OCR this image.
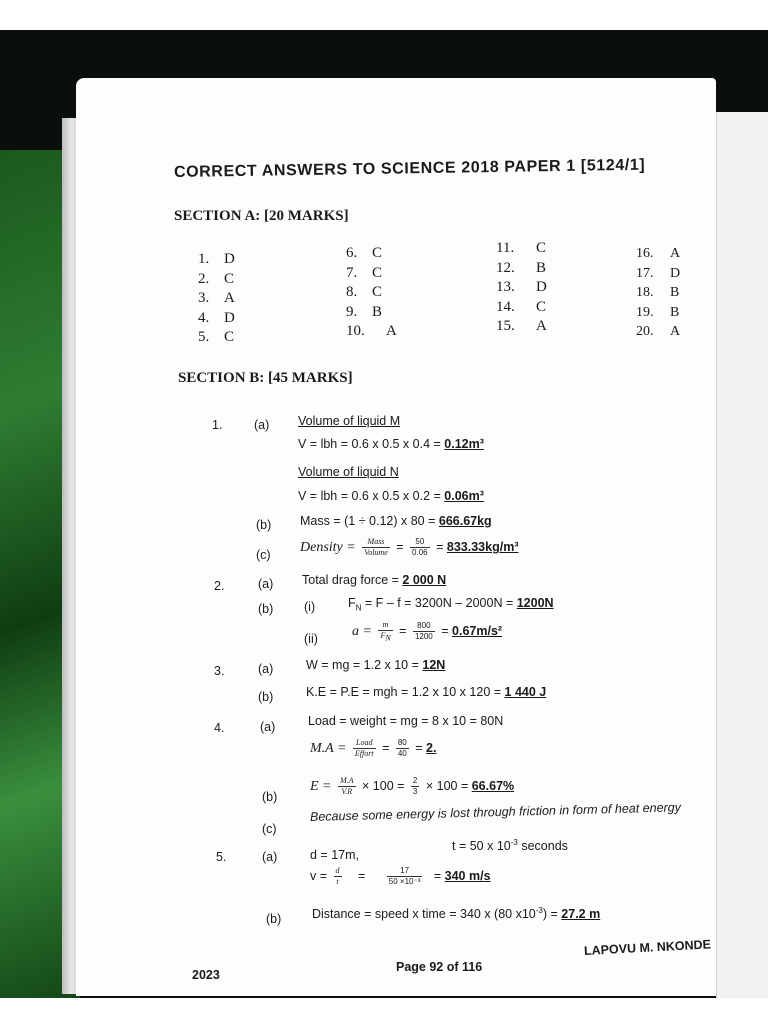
CORRECT ANSWERS TO SCIENCE 2018 PAPER 1 [5124/1]
SECTION A: [20 MARKS]
1. D
2. C
3. A
4. D
5. C
6. C
7. C
8. C
9. B
10. A
11. C
12. B
13. D
14. C
15. A
16. A
17. D
18. B
19. B
20. A
SECTION B: [45 MARKS]
1.	(a) Volume of liquid M
V = lbh = 0.6 x 0.5 x 0.4 = 0.12m³
Volume of liquid N
V = lbh = 0.6 x 0.5 x 0.2 = 0.06m³
(b) Mass = (1 ÷ 0.12) x 80 = 666.67kg
(c)
Density = $\frac{\text{Mass}}{\text{Volume}} = \frac{50}{0.06} = 833.33kg/m^3$
2.	(a) Total drag force = 2 000 N
(b) (i)	$F_N = F - f = 3200N - 2000N = 1200N$
(ii) $a = \frac{m}{FN} = \frac{800}{1200} = 0.67m/s^2$
3.	(a)	W = mg = 1.2 x 10 = 12N
(b)	K.E = P.E = mgh = 1.2 x 10 x 120 = 1 440 J
4.	(a)	Load = weight = mg = 8 x 10 = 80N
$M.A = \frac{\text{Load}}{\text{Effort}} = \frac{80}{40} = 2$.
(b)
$E = \frac{M.A}{V.R} \times 100 = \frac{2}{3} \times 100 = 66.67\%$
(c)
Because some energy is lost through friction in form of heat energy
5.	(a)	d = 17m,
t = 50 x $10^{-3}$ seconds
$v = \frac{d}{t}$ =	$\frac{17}{\text{50 ×10⁻³}} = 340$ m/s
(b) Distance = speed x time = 340 x (80 $x10^{-3}) = 27.2$ m
2023
Page 92 of 116
LAPOVU M. NKONDE
